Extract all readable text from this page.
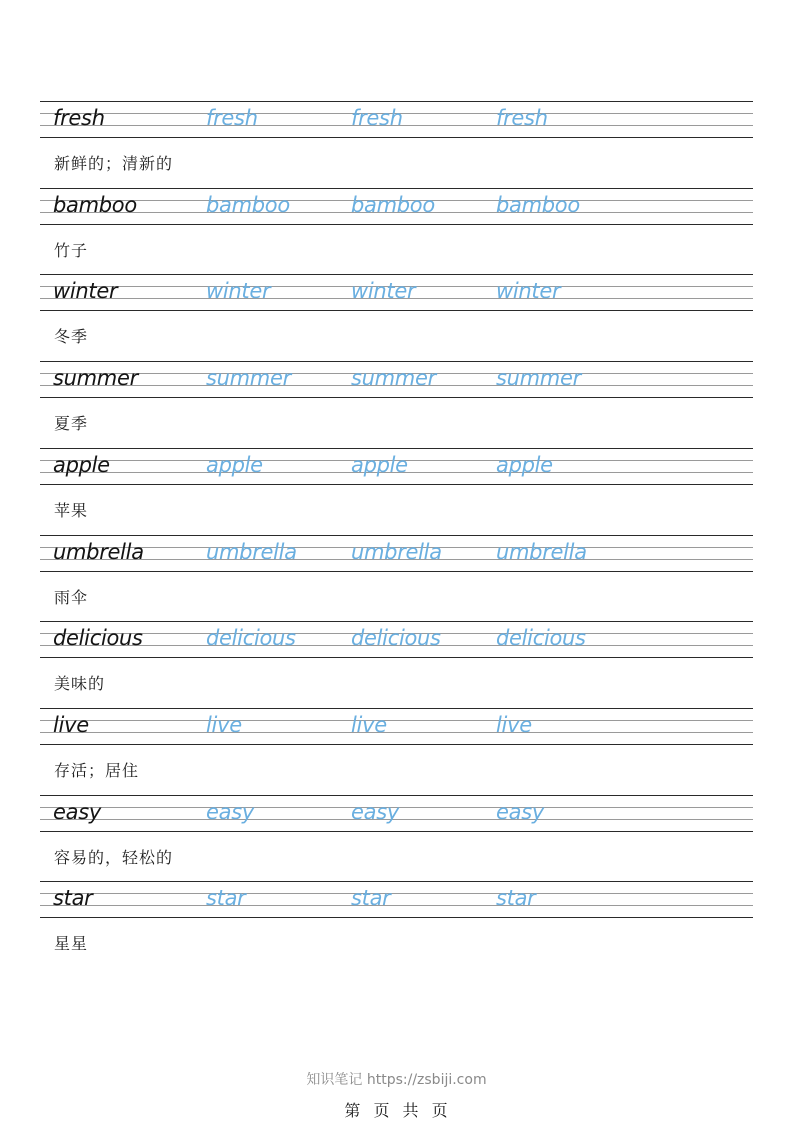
fresh	fresh	fresh	fresh
新鲜的；清新的
bamboo	bamboo	bamboo	bamboo
竹子
winter	winter	winter	winter
冬季
summer	summer	summer	summer
夏季
apple	apple	apple	apple
苹果
umbrella	umbrella	umbrella	umbrella
雨伞
delicious	delicious	delicious	delicious
美味的
live	live	live	live
存活；居住
easy	easy	easy	easy
容易的，轻松的
star	star	star	star
星星
知识笔记 https://zsbiji.com
第 页 共 页
